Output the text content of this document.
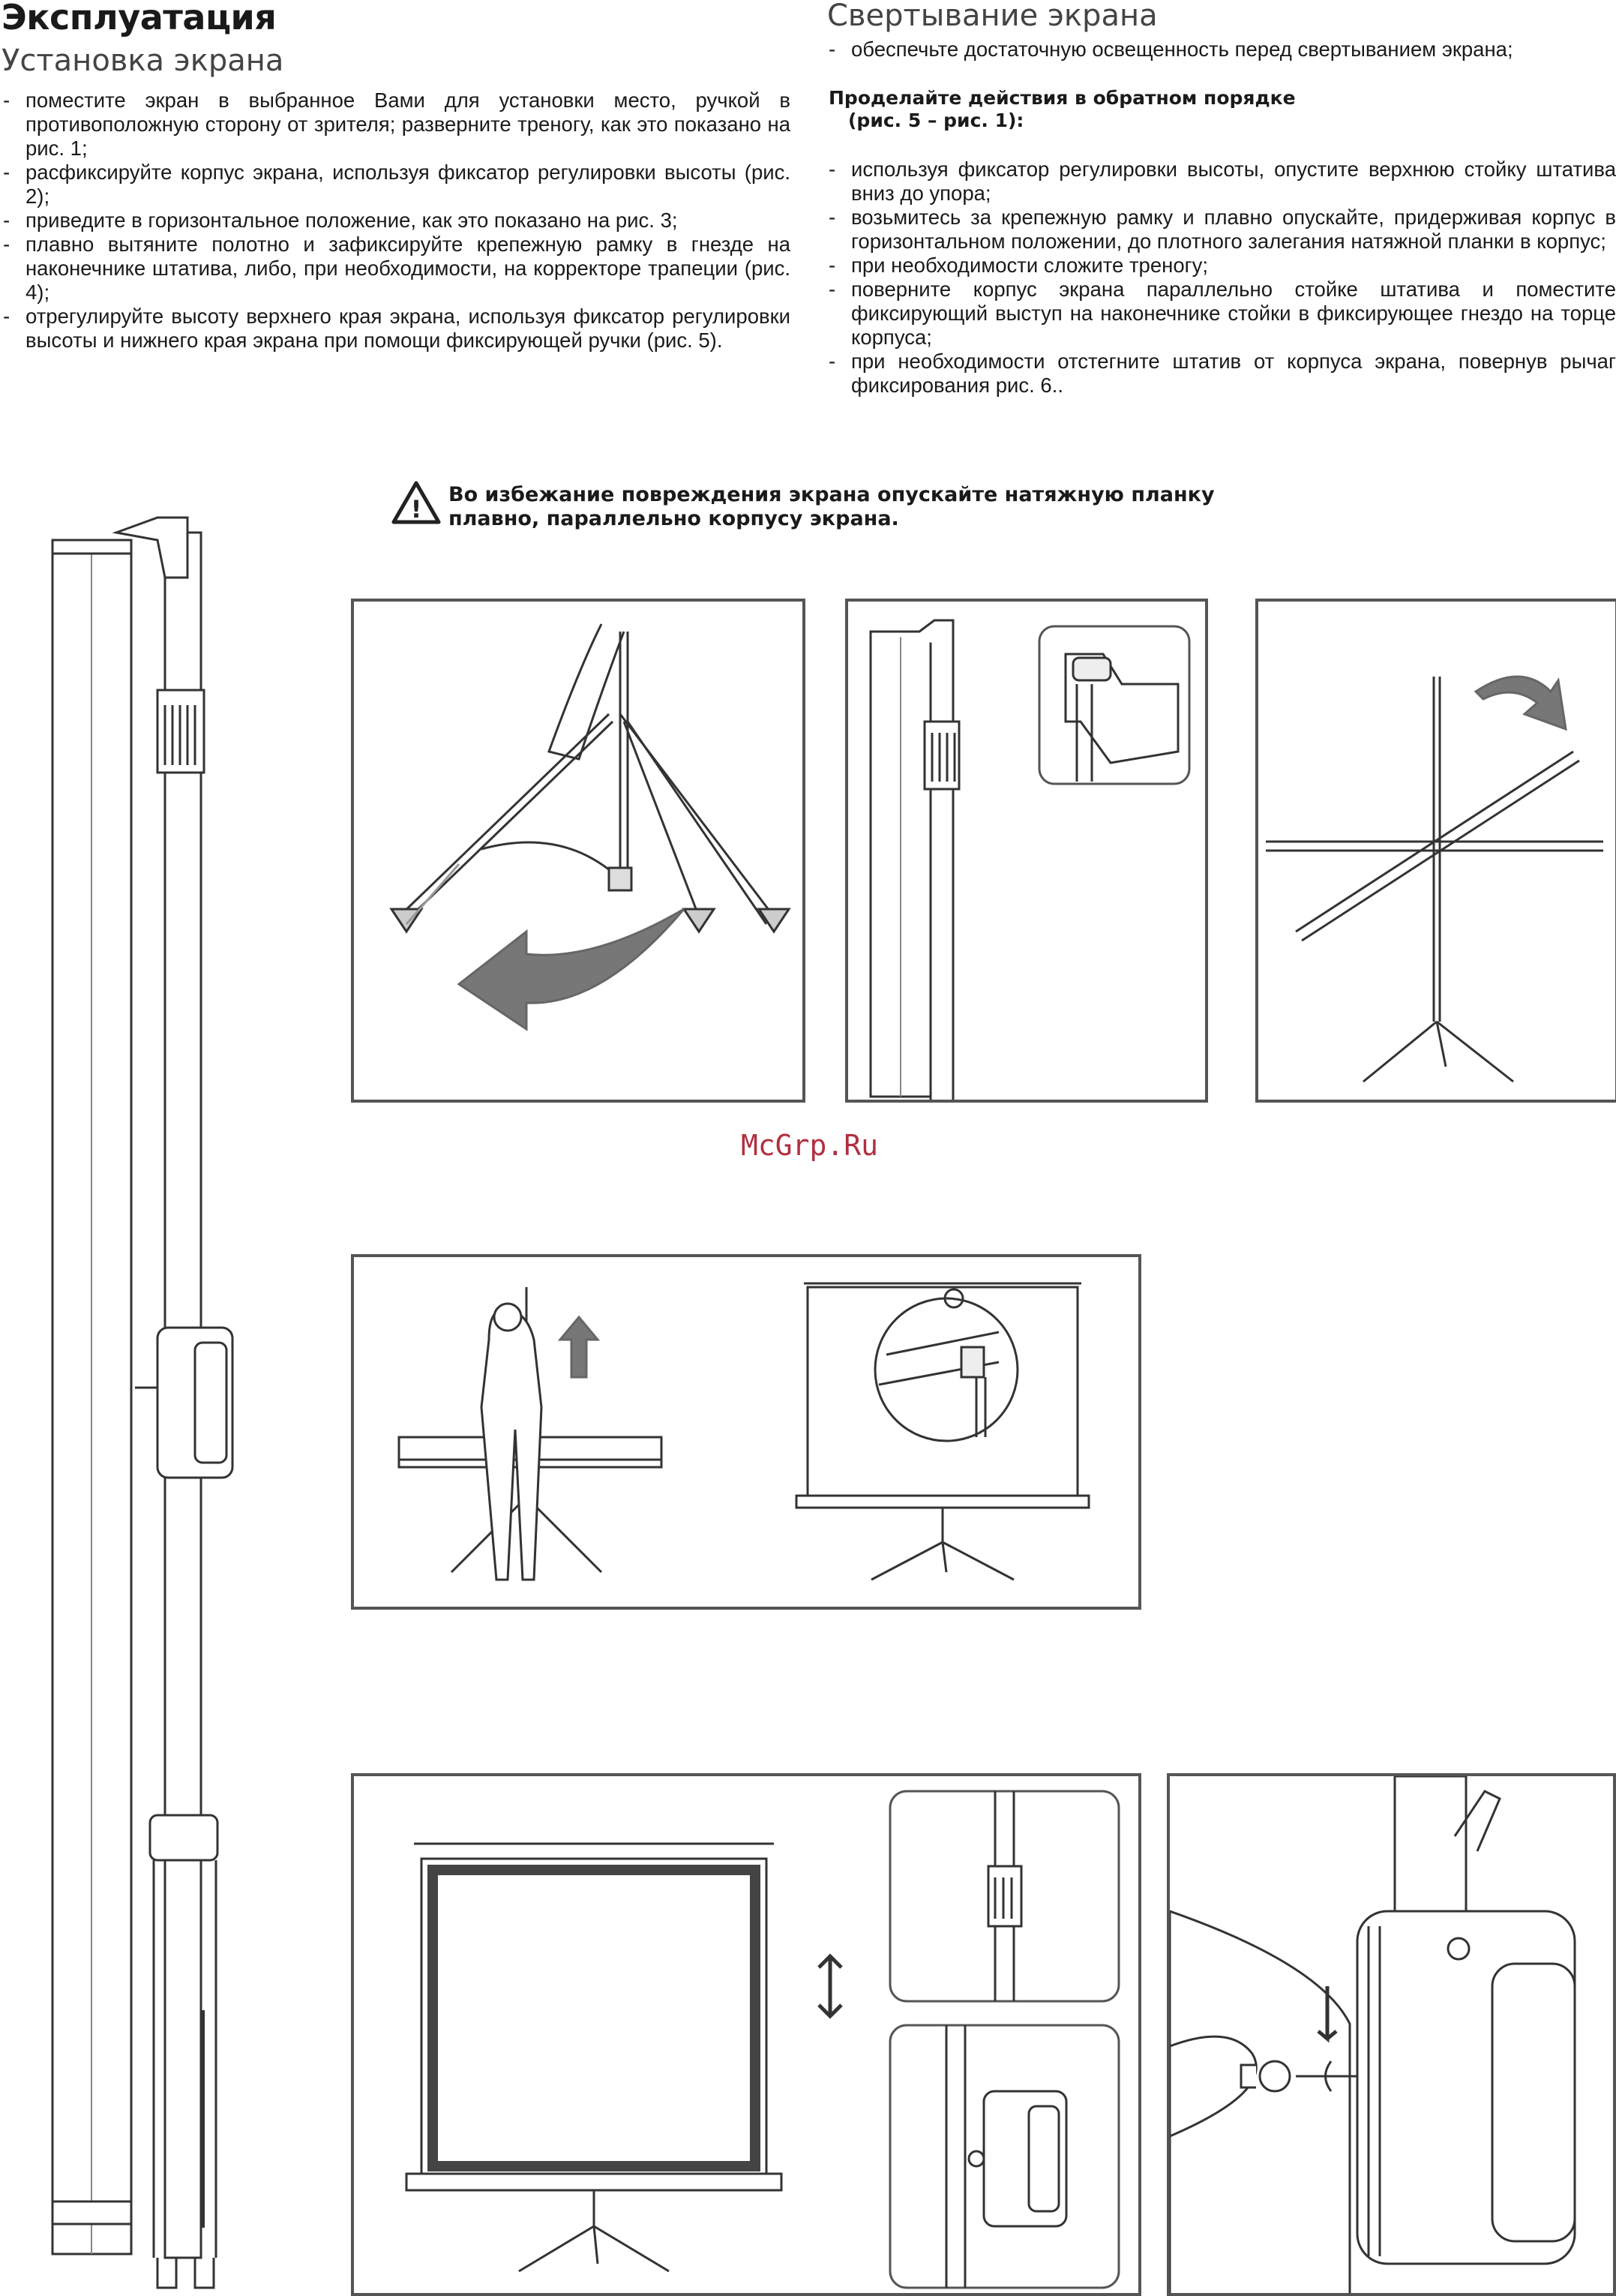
Эксплуатация
Установка экрана
- поместите экран в выбранное Вами для установки место, ручкой в противоположную сторону от зрителя; разверните треногу, как это показано на рис. 1;
- расфиксируйте корпус экрана, используя фиксатор регулировки высоты (рис. 2);
- приведите в горизонтальное положение, как это показано на рис. 3;
- плавно вытяните полотно и зафиксируйте крепежную рамку в гнезде на наконечнике штатива, либо, при необходимости, на корректоре трапеции (рис. 4);
- отрегулируйте высоту верхнего края экрана, используя фиксатор регулировки высоты и нижнего края экрана при помощи фиксирующей ручки (рис. 5).
Свертывание экрана
- обеспечьте достаточную освещенность перед свертыванием экрана;
Проделайте действия в обратном порядке
(рис. 5 – рис. 1):
- используя фиксатор регулировки высоты, опустите верхнюю стойку штатива вниз до упора;
- возьмитесь за крепежную рамку и плавно опускайте, придерживая корпус в горизонтальном положении, до плотного залегания натяжной планки в корпус;
- при необходимости сложите треногу;
- поверните корпус экрана параллельно стойке штатива и поместите фиксирующий выступ на наконечнике стойки в фиксирующее гнездо на торце корпуса;
- при необходимости отстегните штатив от корпуса экрана, повернув рычаг фиксирования рис. 6..
!
Во избежание повреждения экрана опускайте натяжную планку
плавно, параллельно корпусу экрана.
McGrp.Ru
